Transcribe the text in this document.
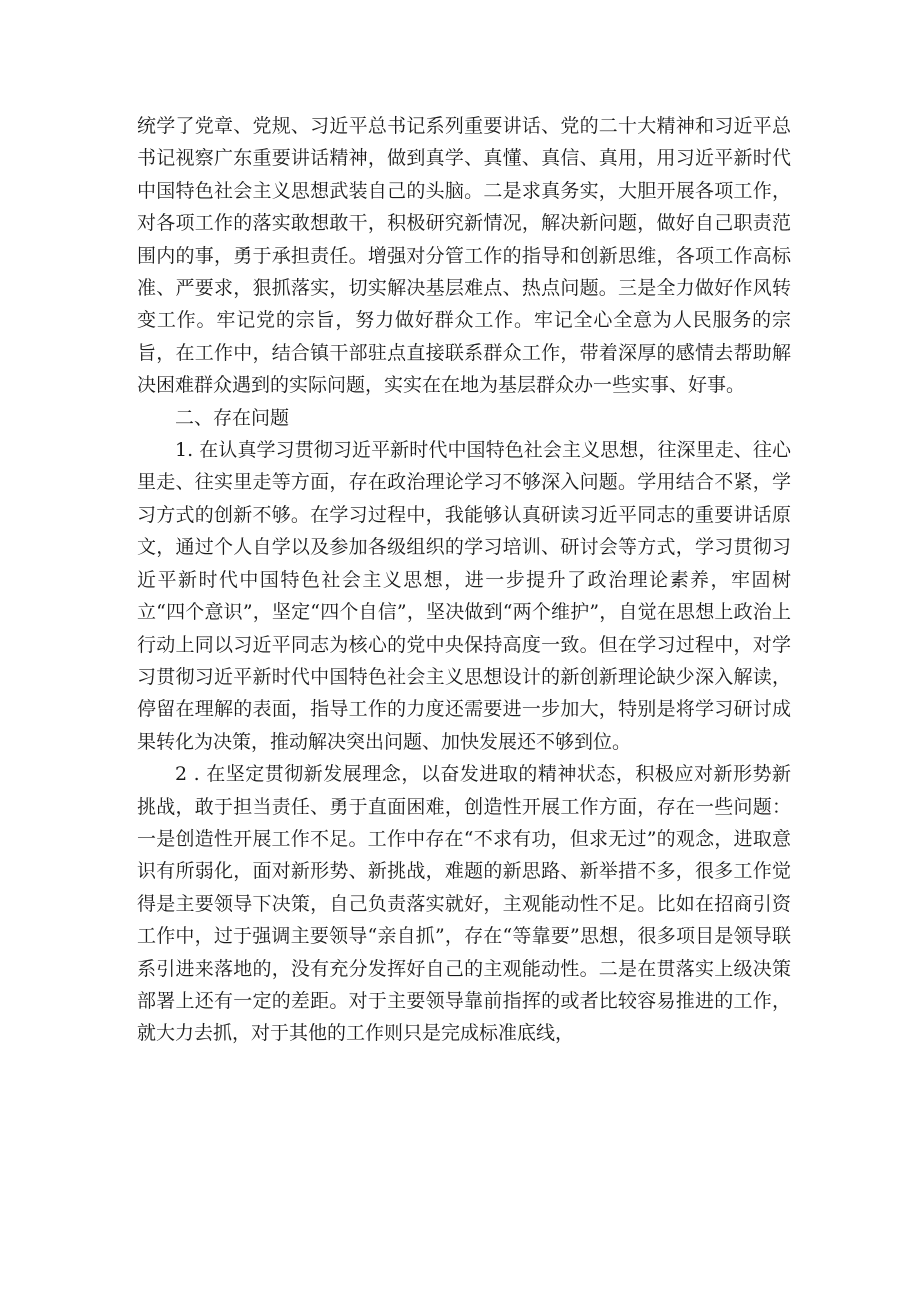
统学了党章、党规、习近平总书记系列重要讲话、党的二十大精神和习近平总书记视察广东重要讲话精神，做到真学、真懂、真信、真用，用习近平新时代中国特色社会主义思想武装自己的头脑。二是求真务实，大胆开展各项工作，对各项工作的落实敢想敢干，积极研究新情况，解决新问题，做好自己职责范围内的事，勇于承担责任。增强对分管工作的指导和创新思维，各项工作高标准、严要求，狠抓落实，切实解决基层难点、热点问题。三是全力做好作风转变工作。牢记党的宗旨，努力做好群众工作。牢记全心全意为人民服务的宗旨，在工作中，结合镇干部驻点直接联系群众工作，带着深厚的感情去帮助解决困难群众遇到的实际问题，实实在在地为基层群众办一些实事、好事。

二、存在问题

1. 在认真学习贯彻习近平新时代中国特色社会主义思想，往深里走、往心里走、往实里走等方面，存在政治理论学习不够深入问题。学用结合不紧，学习方式的创新不够。在学习过程中，我能够认真研读习近平同志的重要讲话原文，通过个人自学以及参加各级组织的学习培训、研讨会等方式，学习贯彻习近平新时代中国特色社会主义思想，进一步提升了政治理论素养，牢固树立“四个意识”，坚定“四个自信”，坚决做到“两个维护”，自觉在思想上政治上行动上同以习近平同志为核心的党中央保持高度一致。但在学习过程中，对学习贯彻习近平新时代中国特色社会主义思想设计的新创新理论缺少深入解读，停留在理解的表面，指导工作的力度还需要进一步加大，特别是将学习研讨成果转化为决策，推动解决突出问题、加快发展还不够到位。

2 . 在坚定贯彻新发展理念，以奋发进取的精神状态，积极应对新形势新挑战，敢于担当责任、勇于直面困难，创造性开展工作方面，存在一些问题：一是创造性开展工作不足。工作中存在“不求有功，但求无过”的观念，进取意识有所弱化，面对新形势、新挑战，难题的新思路、新举措不多，很多工作觉得是主要领导下决策，自己负责落实就好，主观能动性不足。比如在招商引资工作中，过于强调主要领导“亲自抓”，存在“等靠要”思想，很多项目是领导联系引进来落地的，没有充分发挥好自己的主观能动性。二是在贯落实上级决策部署上还有一定的差距。对于主要领导靠前指挥的或者比较容易推进的工作，就大力去抓，对于其他的工作则只是完成标准底线，
